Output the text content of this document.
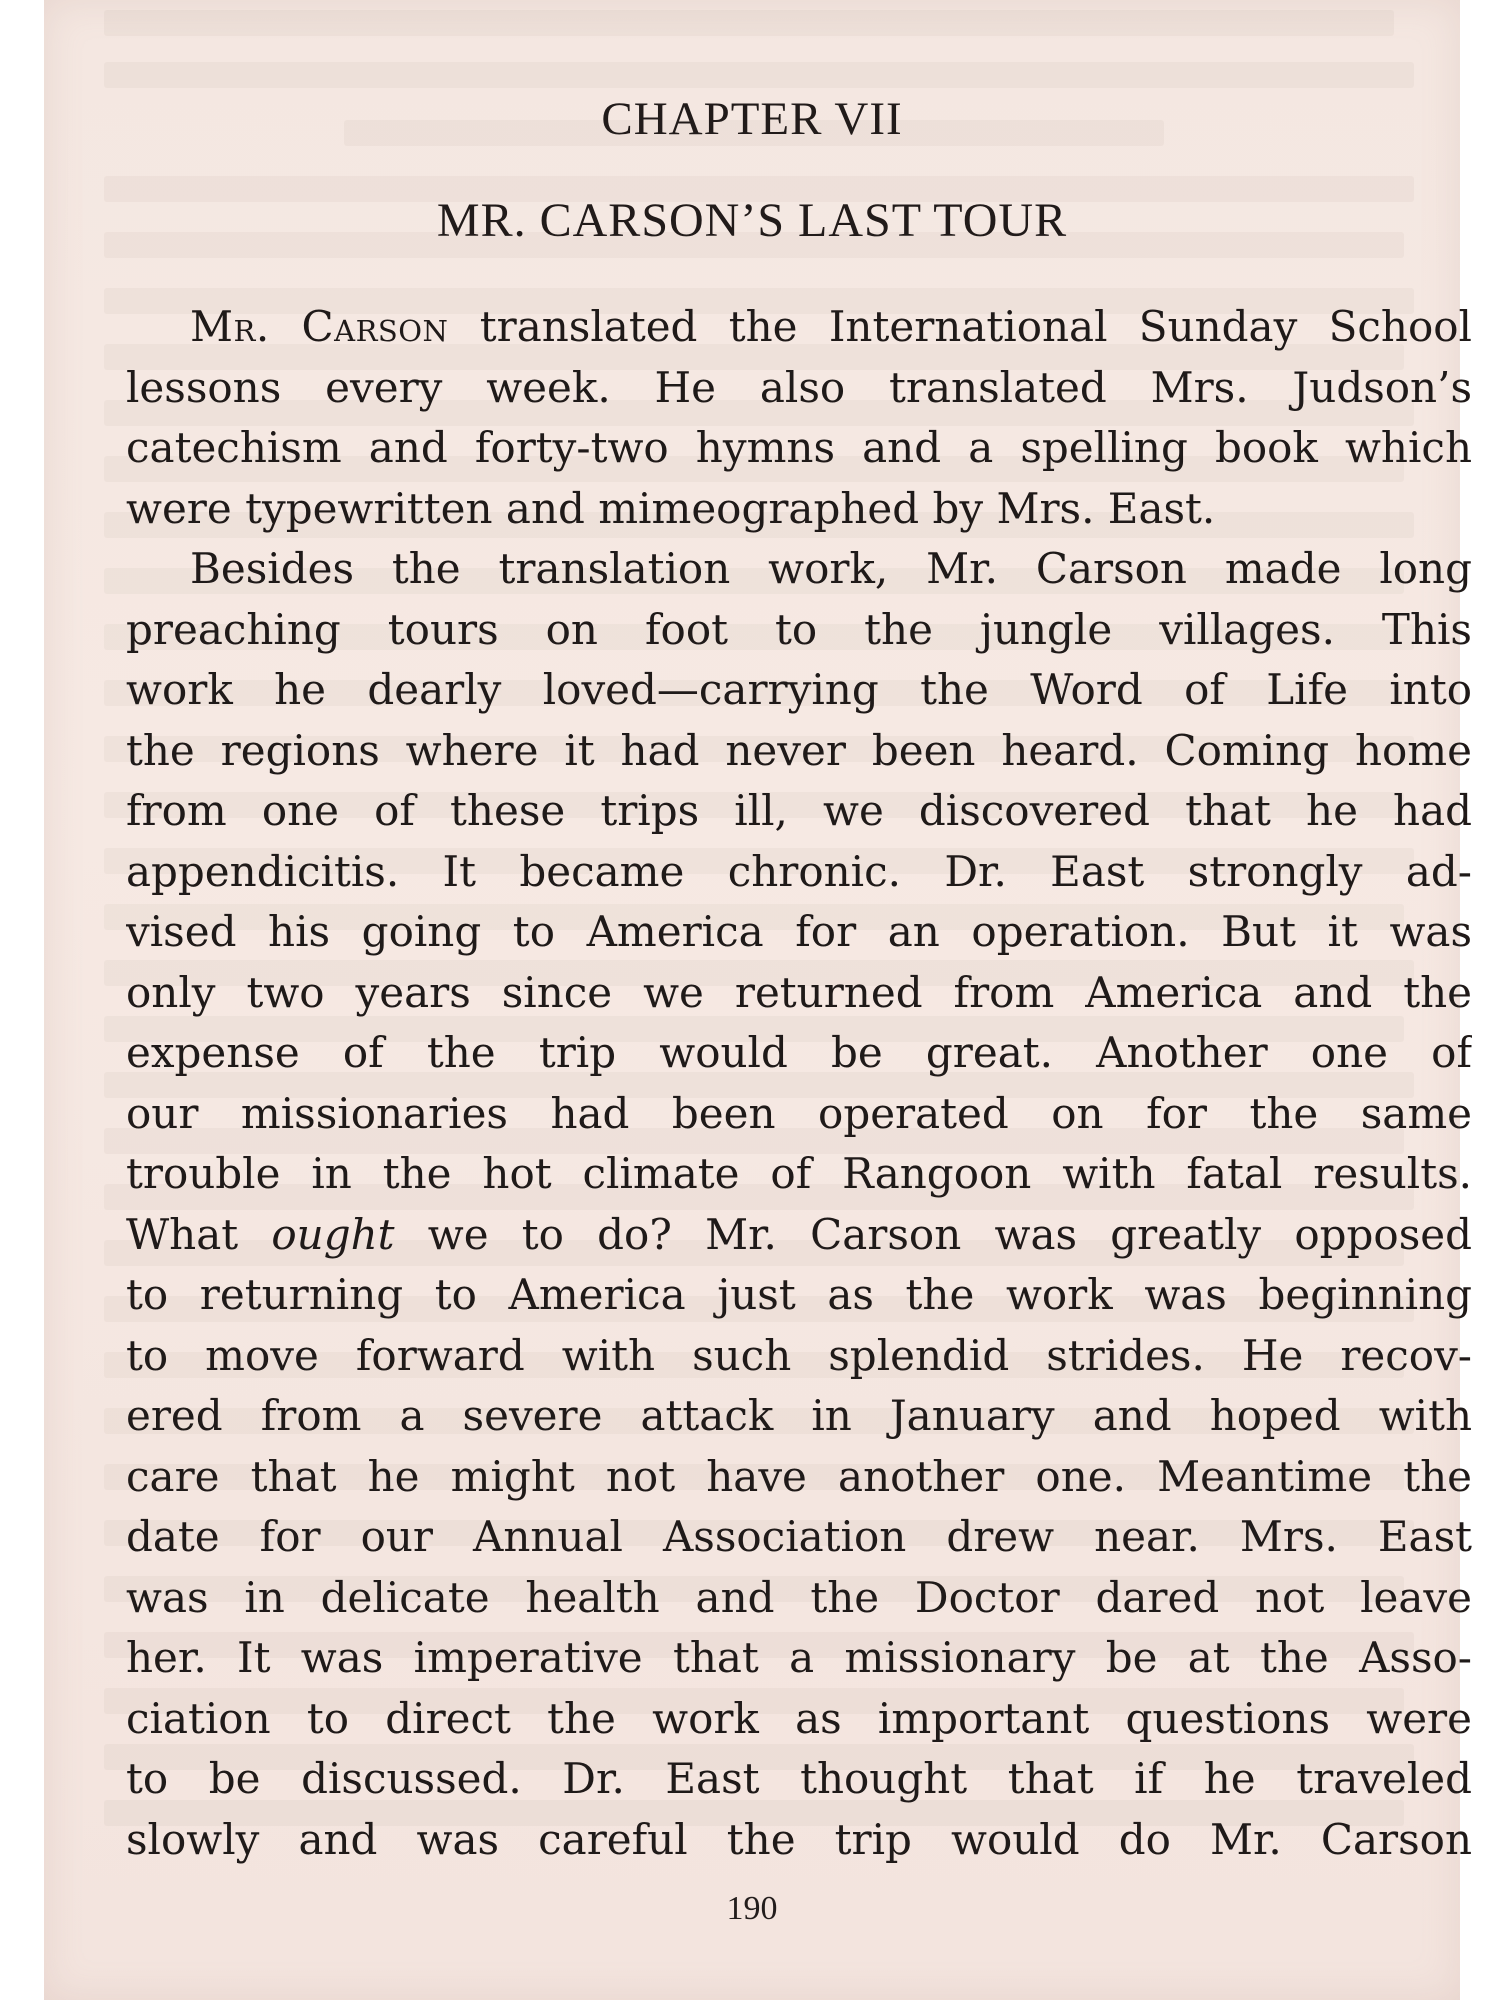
CHAPTER VII
MR. CARSON’S LAST TOUR
Mr. Carson translated the International Sunday School
lessons every week. He also translated Mrs. Judson’s
catechism and forty-two hymns and a spelling book which
were typewritten and mimeographed by Mrs. East.
Besides the translation work, Mr. Carson made long
preaching tours on foot to the jungle villages. This
work he dearly loved—carrying the Word of Life into
the regions where it had never been heard. Coming home
from one of these trips ill, we discovered that he had
appendicitis. It became chronic. Dr. East strongly ad-
vised his going to America for an operation. But it was
only two years since we returned from America and the
expense of the trip would be great. Another one of
our missionaries had been operated on for the same
trouble in the hot climate of Rangoon with fatal results.
What ought we to do? Mr. Carson was greatly opposed
to returning to America just as the work was beginning
to move forward with such splendid strides. He recov-
ered from a severe attack in January and hoped with
care that he might not have another one. Meantime the
date for our Annual Association drew near. Mrs. East
was in delicate health and the Doctor dared not leave
her. It was imperative that a missionary be at the Asso-
ciation to direct the work as important questions were
to be discussed. Dr. East thought that if he traveled
slowly and was careful the trip would do Mr. Carson
190
